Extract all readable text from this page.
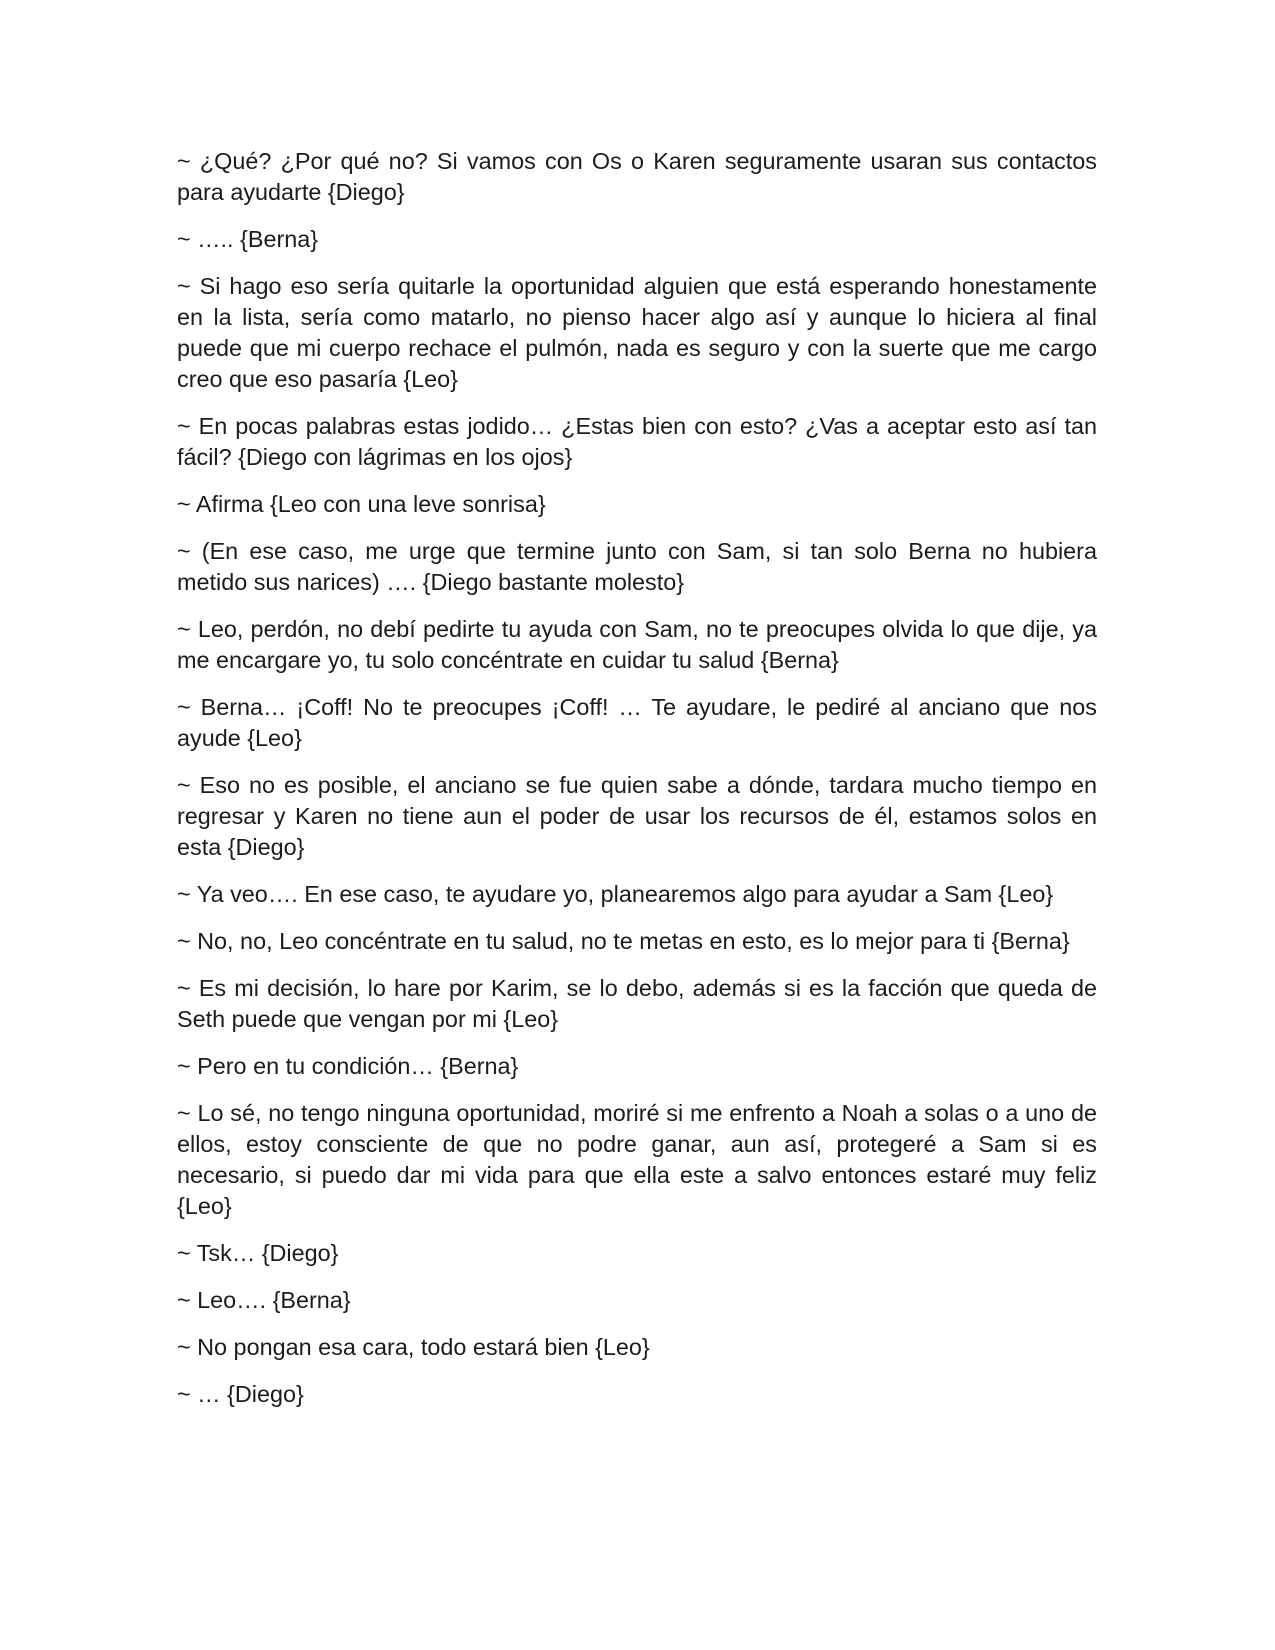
~ ¿Qué? ¿Por qué no? Si vamos con Os o Karen seguramente usaran sus contactos para ayudarte {Diego}

~ ….. {Berna}

~ Si hago eso sería quitarle la oportunidad alguien que está esperando honestamente en la lista, sería como matarlo, no pienso hacer algo así y aunque lo hiciera al final puede que mi cuerpo rechace el pulmón, nada es seguro y con la suerte que me cargo creo que eso pasaría {Leo}

~ En pocas palabras estas jodido… ¿Estas bien con esto? ¿Vas a aceptar esto así tan fácil? {Diego con lágrimas en los ojos}

~ Afirma {Leo con una leve sonrisa}

~ (En ese caso, me urge que termine junto con Sam, si tan solo Berna no hubiera metido sus narices) …. {Diego bastante molesto}

~ Leo, perdón, no debí pedirte tu ayuda con Sam, no te preocupes olvida lo que dije, ya me encargare yo, tu solo concéntrate en cuidar tu salud {Berna}

~ Berna… ¡Coff! No te preocupes ¡Coff! … Te ayudare, le pediré al anciano que nos ayude {Leo}

~ Eso no es posible, el anciano se fue quien sabe a dónde, tardara mucho tiempo en regresar y Karen no tiene aun el poder de usar los recursos de él, estamos solos en esta {Diego}

~ Ya veo…. En ese caso, te ayudare yo, planearemos algo para ayudar a Sam {Leo}

~ No, no, Leo concéntrate en tu salud, no te metas en esto, es lo mejor para ti {Berna}

~ Es mi decisión, lo hare por Karim, se lo debo, además si es la facción que queda de Seth puede que vengan por mi {Leo}

~ Pero en tu condición… {Berna}

~ Lo sé, no tengo ninguna oportunidad, moriré si me enfrento a Noah a solas o a uno de ellos, estoy consciente de que no podre ganar, aun así, protegeré a Sam si es necesario, si puedo dar mi vida para que ella este a salvo entonces estaré muy feliz {Leo}

~ Tsk… {Diego}

~ Leo…. {Berna}

~ No pongan esa cara, todo estará bien {Leo}

~ … {Diego}
